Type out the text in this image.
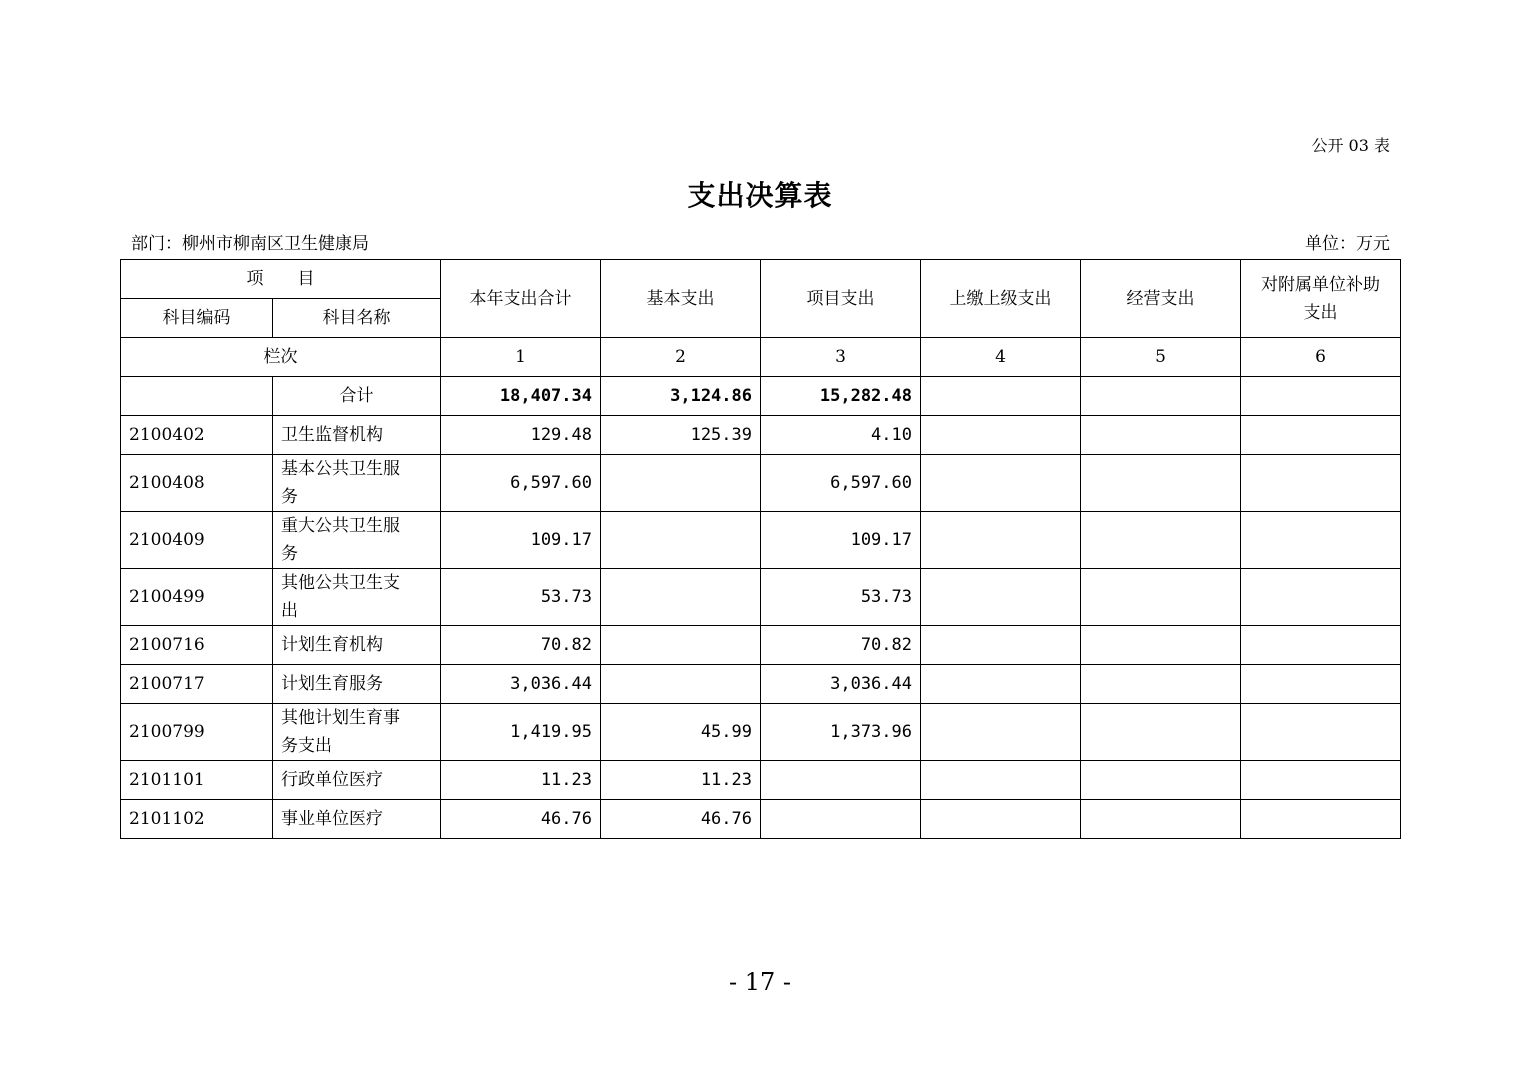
公开 03 表
支出决算表
部门：柳州市柳南区卫生健康局	单位：万元
项　　目		本年支出合计	基本支出	项目支出	上缴上级支出	经营支出	对附属单位补助
支出
科目编码	科目名称						
栏次		1	2	3	4	5	6
	合计	18,407.34	3,124.86	15,282.48			
2100402	卫生监督机构	129.48	125.39	4.10			
2100408	基本公共卫生服
务	6,597.60		6,597.60			
2100409	重大公共卫生服
务	109.17		109.17			
2100499	其他公共卫生支
出	53.73		53.73			
2100716	计划生育机构	70.82		70.82			
2100717	计划生育服务	3,036.44		3,036.44			
2100799	其他计划生育事
务支出	1,419.95	45.99	1,373.96			
2101101	行政单位医疗	11.23	11.23				
2101102	事业单位医疗	46.76	46.76				
- 17 -
